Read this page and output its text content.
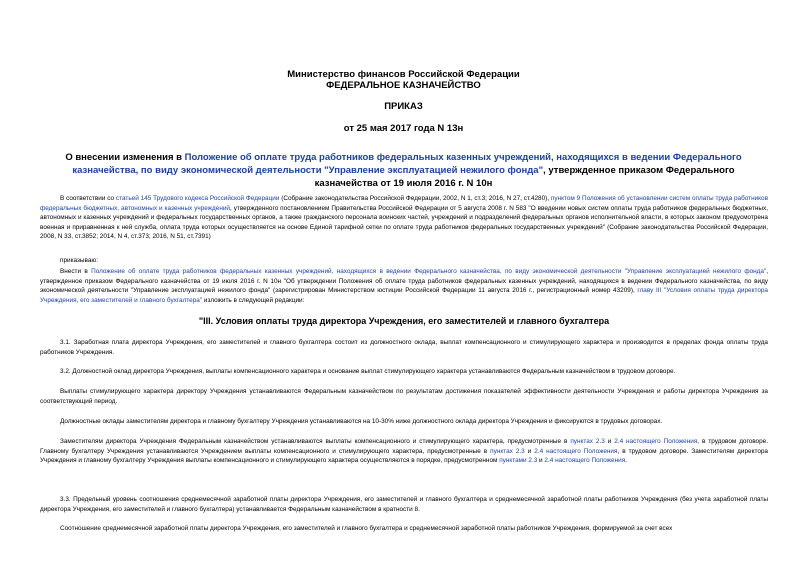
Министерство финансов Российской Федерации
ФЕДЕРАЛЬНОЕ КАЗНАЧЕЙСТВО
ПРИКАЗ
от 25 мая 2017 года N 13н
О внесении изменения в Положение об оплате труда работников федеральных казенных учреждений, находящихся в ведении Федерального казначейства, по виду экономической деятельности "Управление эксплуатацией нежилого фонда", утвержденное приказом Федерального казначейства от 19 июля 2016 г. N 10н
В соответствии со статьей 145 Трудового кодекса Российской Федерации (Собрание законодательства Российской Федерации, 2002, N 1, ст.3; 2016, N 27, ст.4280), пунктом 9 Положения об установлении систем оплаты труда работников федеральных бюджетных, автономных и казенных учреждений, утвержденного постановлением Правительства Российской Федерации от 5 августа 2008 г. N 583 "О введении новых систем оплаты труда работников федеральных бюджетных, автономных и казенных учреждений и федеральных государственных органов, а также гражданского персонала воинских частей, учреждений и подразделений федеральных органов исполнительной власти, в которых законом предусмотрена военная и приравненная к ней служба, оплата труда которых осуществляется на основе Единой тарифной сетки по оплате труда работников федеральных государственных учреждений" (Собрание законодательства Российской Федерации, 2008, N 33, ст.3852; 2014, N 4, ст.373; 2016, N 51, ст.7391)
приказываю:
Внести в Положение об оплате труда работников федеральных казенных учреждений, находящихся в ведении Федерального казначейства, по виду экономической деятельности "Управление эксплуатацией нежилого фонда", утвержденное приказом Федерального казначейства от 19 июля 2016 г. N 10н "Об утверждении Положения об оплате труда работников федеральных казенных учреждений, находящихся в ведении Федерального казначейства, по виду экономической деятельности "Управление эксплуатацией нежилого фонда" (зарегистрирован Министерством юстиции Российской Федерации 11 августа 2016 г., регистрационный номер 43209), главу III "Условия оплаты труда директора Учреждения, его заместителей и главного бухгалтера" изложить в следующей редакции:
"III. Условия оплаты труда директора Учреждения, его заместителей и главного бухгалтера
3.1. Заработная плата директора Учреждения, его заместителей и главного бухгалтера состоит из должностного оклада, выплат компенсационного и стимулирующего характера и производится в пределах фонда оплаты труда работников Учреждения.
3.2. Должностной оклад директора Учреждения, выплаты компенсационного характера и основание выплат стимулирующего характера устанавливаются Федеральным казначейством в трудовом договоре.
Выплаты стимулирующего характера директору Учреждения устанавливаются Федеральным казначейством по результатам достижения показателей эффективности деятельности Учреждения и работы директора Учреждения за соответствующий период.
Должностные оклады заместителям директора и главному бухгалтеру Учреждения устанавливаются на 10-30% ниже должностного оклада директора Учреждения и фиксируются в трудовых договорах.
Заместителям директора Учреждения Федеральным казначейством устанавливаются выплаты компенсационного и стимулирующего характера, предусмотренные в пунктах 2.3 и 2.4 настоящего Положения, в трудовом договоре. Главному бухгалтеру Учреждения устанавливаются Учреждением выплаты компенсационного и стимулирующего характера, предусмотренные в пунктах 2.3 и 2.4 настоящего Положения, в трудовом договоре. Заместителям директора Учреждения и главному бухгалтеру Учреждения выплаты компенсационного и стимулирующего характера осуществляются в порядке, предусмотренном пунктами 2.3 и 2.4 настоящего Положения.
3.3. Предельный уровень соотношения среднемесячной заработной платы директора Учреждения, его заместителей и главного бухгалтера и среднемесячной заработной платы работников Учреждения (без учета заработной платы директора Учреждения, его заместителей и главного бухгалтера) устанавливается Федеральным казначейством в кратности 8.
Соотношение среднемесячной заработной платы директора Учреждения, его заместителей и главного бухгалтера и среднемесячной заработной платы работников Учреждения, формируемой за счет всех
